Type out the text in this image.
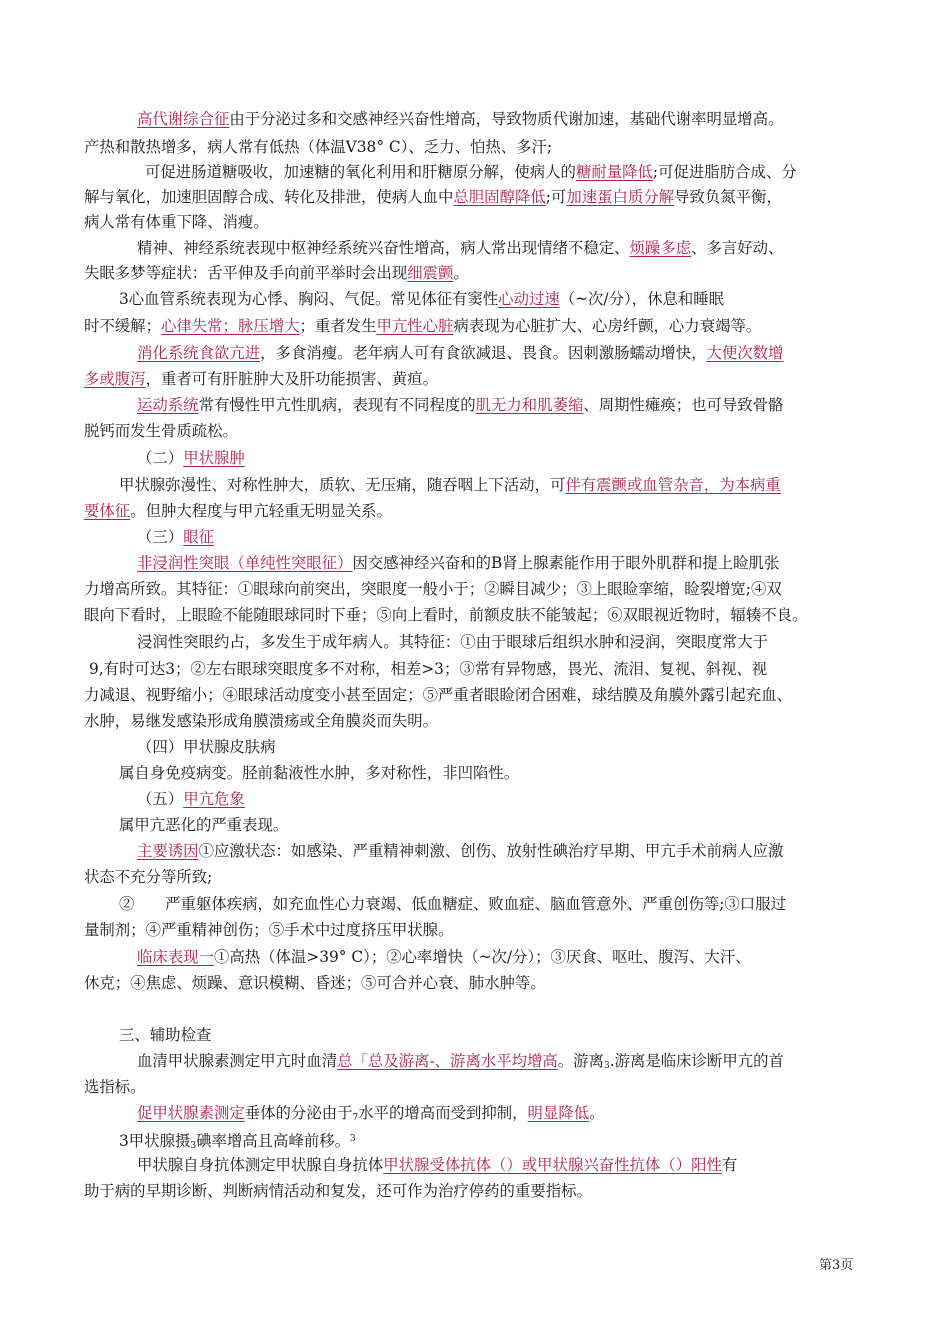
高代谢综合征由于分泌过多和交感神经兴奋性增高，导致物质代谢加速，基础代谢率明显增高。
产热和散热增多，病人常有低热（体温V38° C）、乏力、怕热、多汗;
可促进肠道糖吸收，加速糖的氧化利用和肝糖原分解，使病人的糖耐量降低;可促进脂肪合成、分
解与氧化，加速胆固醇合成、转化及排泄，使病人血中总胆固醇降低;可加速蛋白质分解导致负氮平衡，
病人常有体重下降、消瘦。
精神、神经系统表现中枢神经系统兴奋性增高，病人常出现情绪不稳定、烦躁多虑、多言好动、
失眠多梦等症状：舌平伸及手向前平举时会出现细震颤。
3心血管系统表现为心悸、胸闷、气促。常见体征有窦性心动过速（~次/分），休息和睡眠
时不缓解；心律失常；脉压增大；重者发生甲亢性心脏病表现为心脏扩大、心房纤颤，心力衰竭等。
消化系统食欲亢进，多食消瘦。老年病人可有食欲减退、畏食。因刺激肠蠕动增快，大便次数增
多或腹泻，重者可有肝脏肿大及肝功能损害、黄疸。
运动系统常有慢性甲亢性肌病，表现有不同程度的肌无力和肌萎缩、周期性瘫痪；也可导致骨骼
脱钙而发生骨质疏松。
（二）甲状腺肿
甲状腺弥漫性、对称性肿大，质软、无压痛，随吞咽上下活动，可伴有震颤或血管杂音，为本病重
要体征。但肿大程度与甲亢轻重无明显关系。
（三）眼征
非浸润性突眼（单纯性突眼征）因交感神经兴奋和的B肾上腺素能作用于眼外肌群和提上睑肌张
力增高所致。其特征：①眼球向前突出，突眼度一般小于；②瞬目减少；③上眼睑挛缩，睑裂增宽;④双
眼向下看时，上眼睑不能随眼球同时下垂；⑤向上看时，前额皮肤不能皱起；⑥双眼视近物时，辐辏不良。
浸润性突眼约占，多发生于成年病人。其特征：①由于眼球后组织水肿和浸润，突眼度常大于
9,有时可达3；②左右眼球突眼度多不对称，相差>3；③常有异物感，畏光、流泪、复视、斜视、视
力减退、视野缩小；④眼球活动度变小甚至固定；⑤严重者眼睑闭合困难，球结膜及角膜外露引起充血、
水肿，易继发感染形成角膜溃疡或全角膜炎而失明。
（四）甲状腺皮肤病
属自身免疫病变。胫前黏液性水肿，多对称性，非凹陷性。
（五）甲亢危象
属甲亢恶化的严重表现。
主要诱因①应激状态：如感染、严重精神刺激、创伤、放射性碘治疗早期、甲亢手术前病人应激
状态不充分等所致;
②　　严重躯体疾病，如充血性心力衰竭、低血糖症、败血症、脑血管意外、严重创伤等;③口服过
量制剂；④严重精神创伤；⑤手术中过度挤压甲状腺。
临床表现一①高热（体温>39° C）；②心率增快（~次/分）；③厌食、呕吐、腹泻、大汗、
休克；④焦虑、烦躁、意识模糊、昏迷；⑤可合并心衰、肺水肿等。
三、辅助检查
血清甲状腺素测定甲亢时血清总「总及游离-、游离水平均增高。游离$_3$.游离是临床诊断甲亢的首
选指标。
促甲状腺素测定垂体的分泌由于$_7$水平的增高而受到抑制，明显降低。
3甲状腺摄$_3$碘率增高且高峰前移。$^3$
甲状腺自身抗体测定甲状腺自身抗体甲状腺受体抗体（）或甲状腺兴奋性抗体（）阳性有
助于病的早期诊断、判断病情活动和复发，还可作为治疗停药的重要指标。
第3页
